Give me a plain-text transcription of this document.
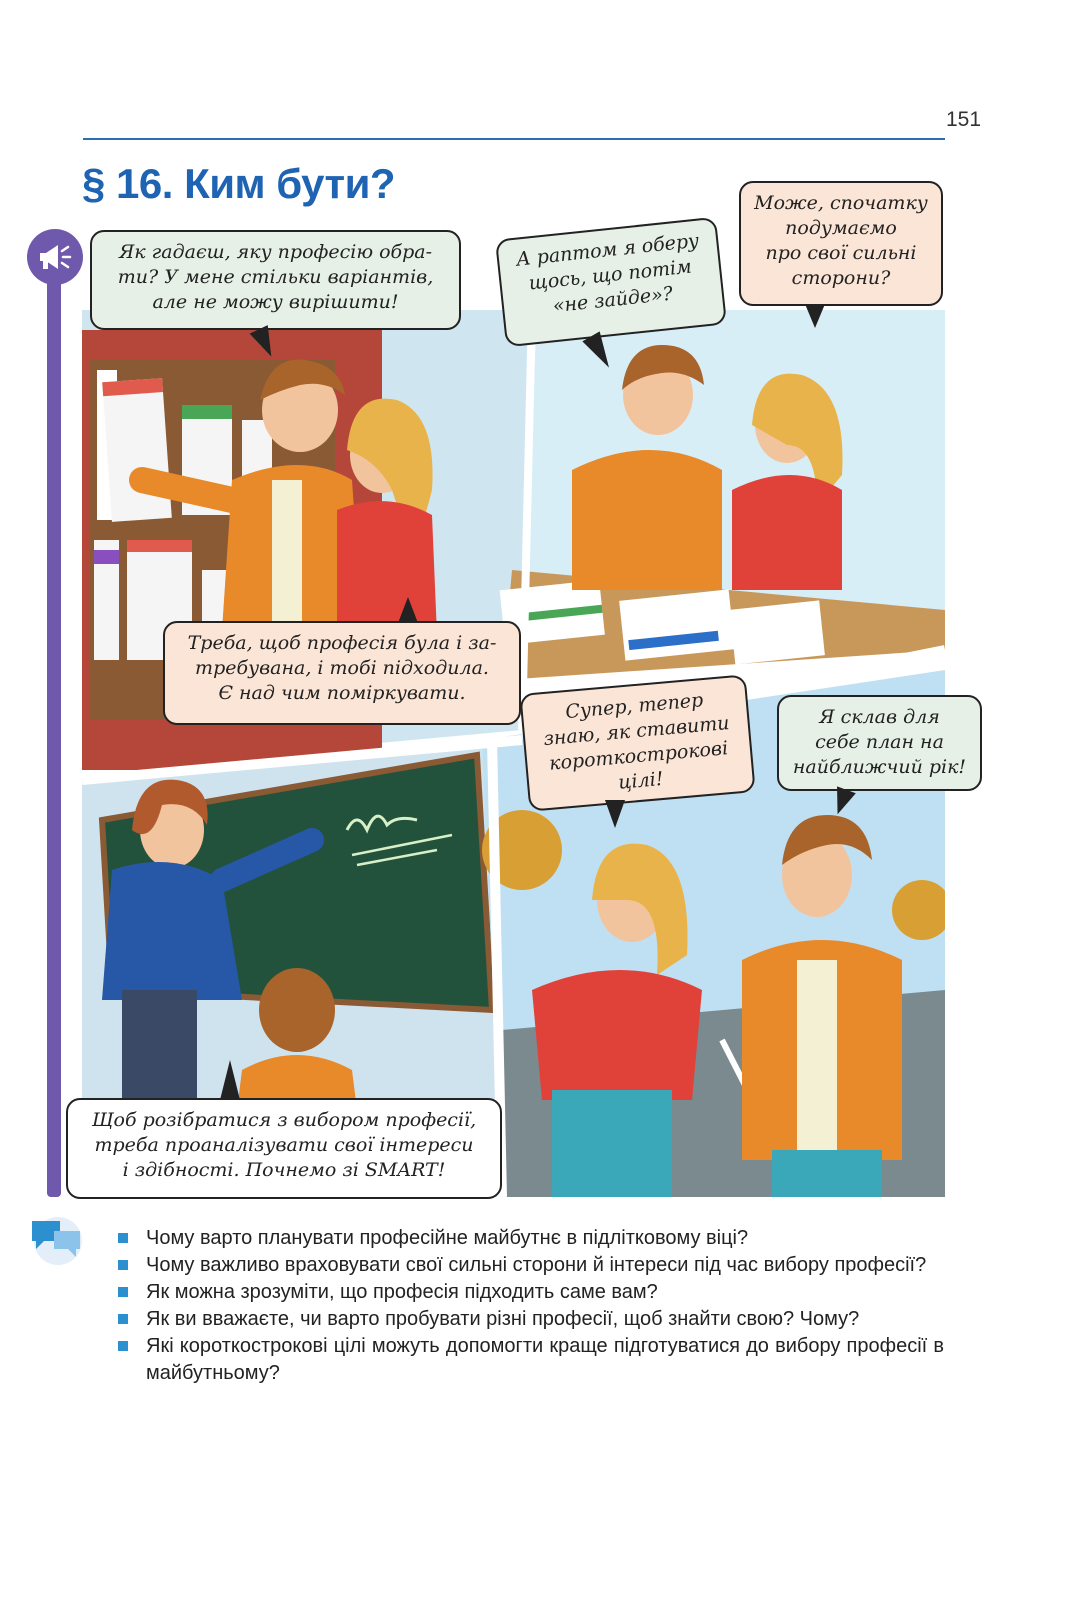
151
§ 16. Ким бути?
Як гадаєш, яку професію обра-
ти? У мене стільки варіантів,
але не можу вирішити!
А раптом я оберу
щось, що потім
«не зайде»?
Може, спочатку
подумаємо
про свої сильні
сторони?
Треба, щоб професія була і за-
требувана, і тобі підходила.
Є над чим поміркувати.	Супер, тепер
знаю, як ставити
короткострокові
цілі!
Я склав для
себе план на
найближчий рік!
Щоб розібратися з вибором професії,
треба проаналізувати свої інтереси
і здібності. Почнемо зі SMART!
Чому варто планувати професійне майбутнє в підлітковому віці?
Чому важливо враховувати свої сильні сторони й інтереси під час вибору професії?
Як можна зрозуміти, що професія підходить саме вам?
Як ви вважаєте, чи варто пробувати різні професії, щоб знайти свою? Чому?
Які короткострокові цілі можуть допомогти краще підготуватися до вибору професії в майбутньому?
